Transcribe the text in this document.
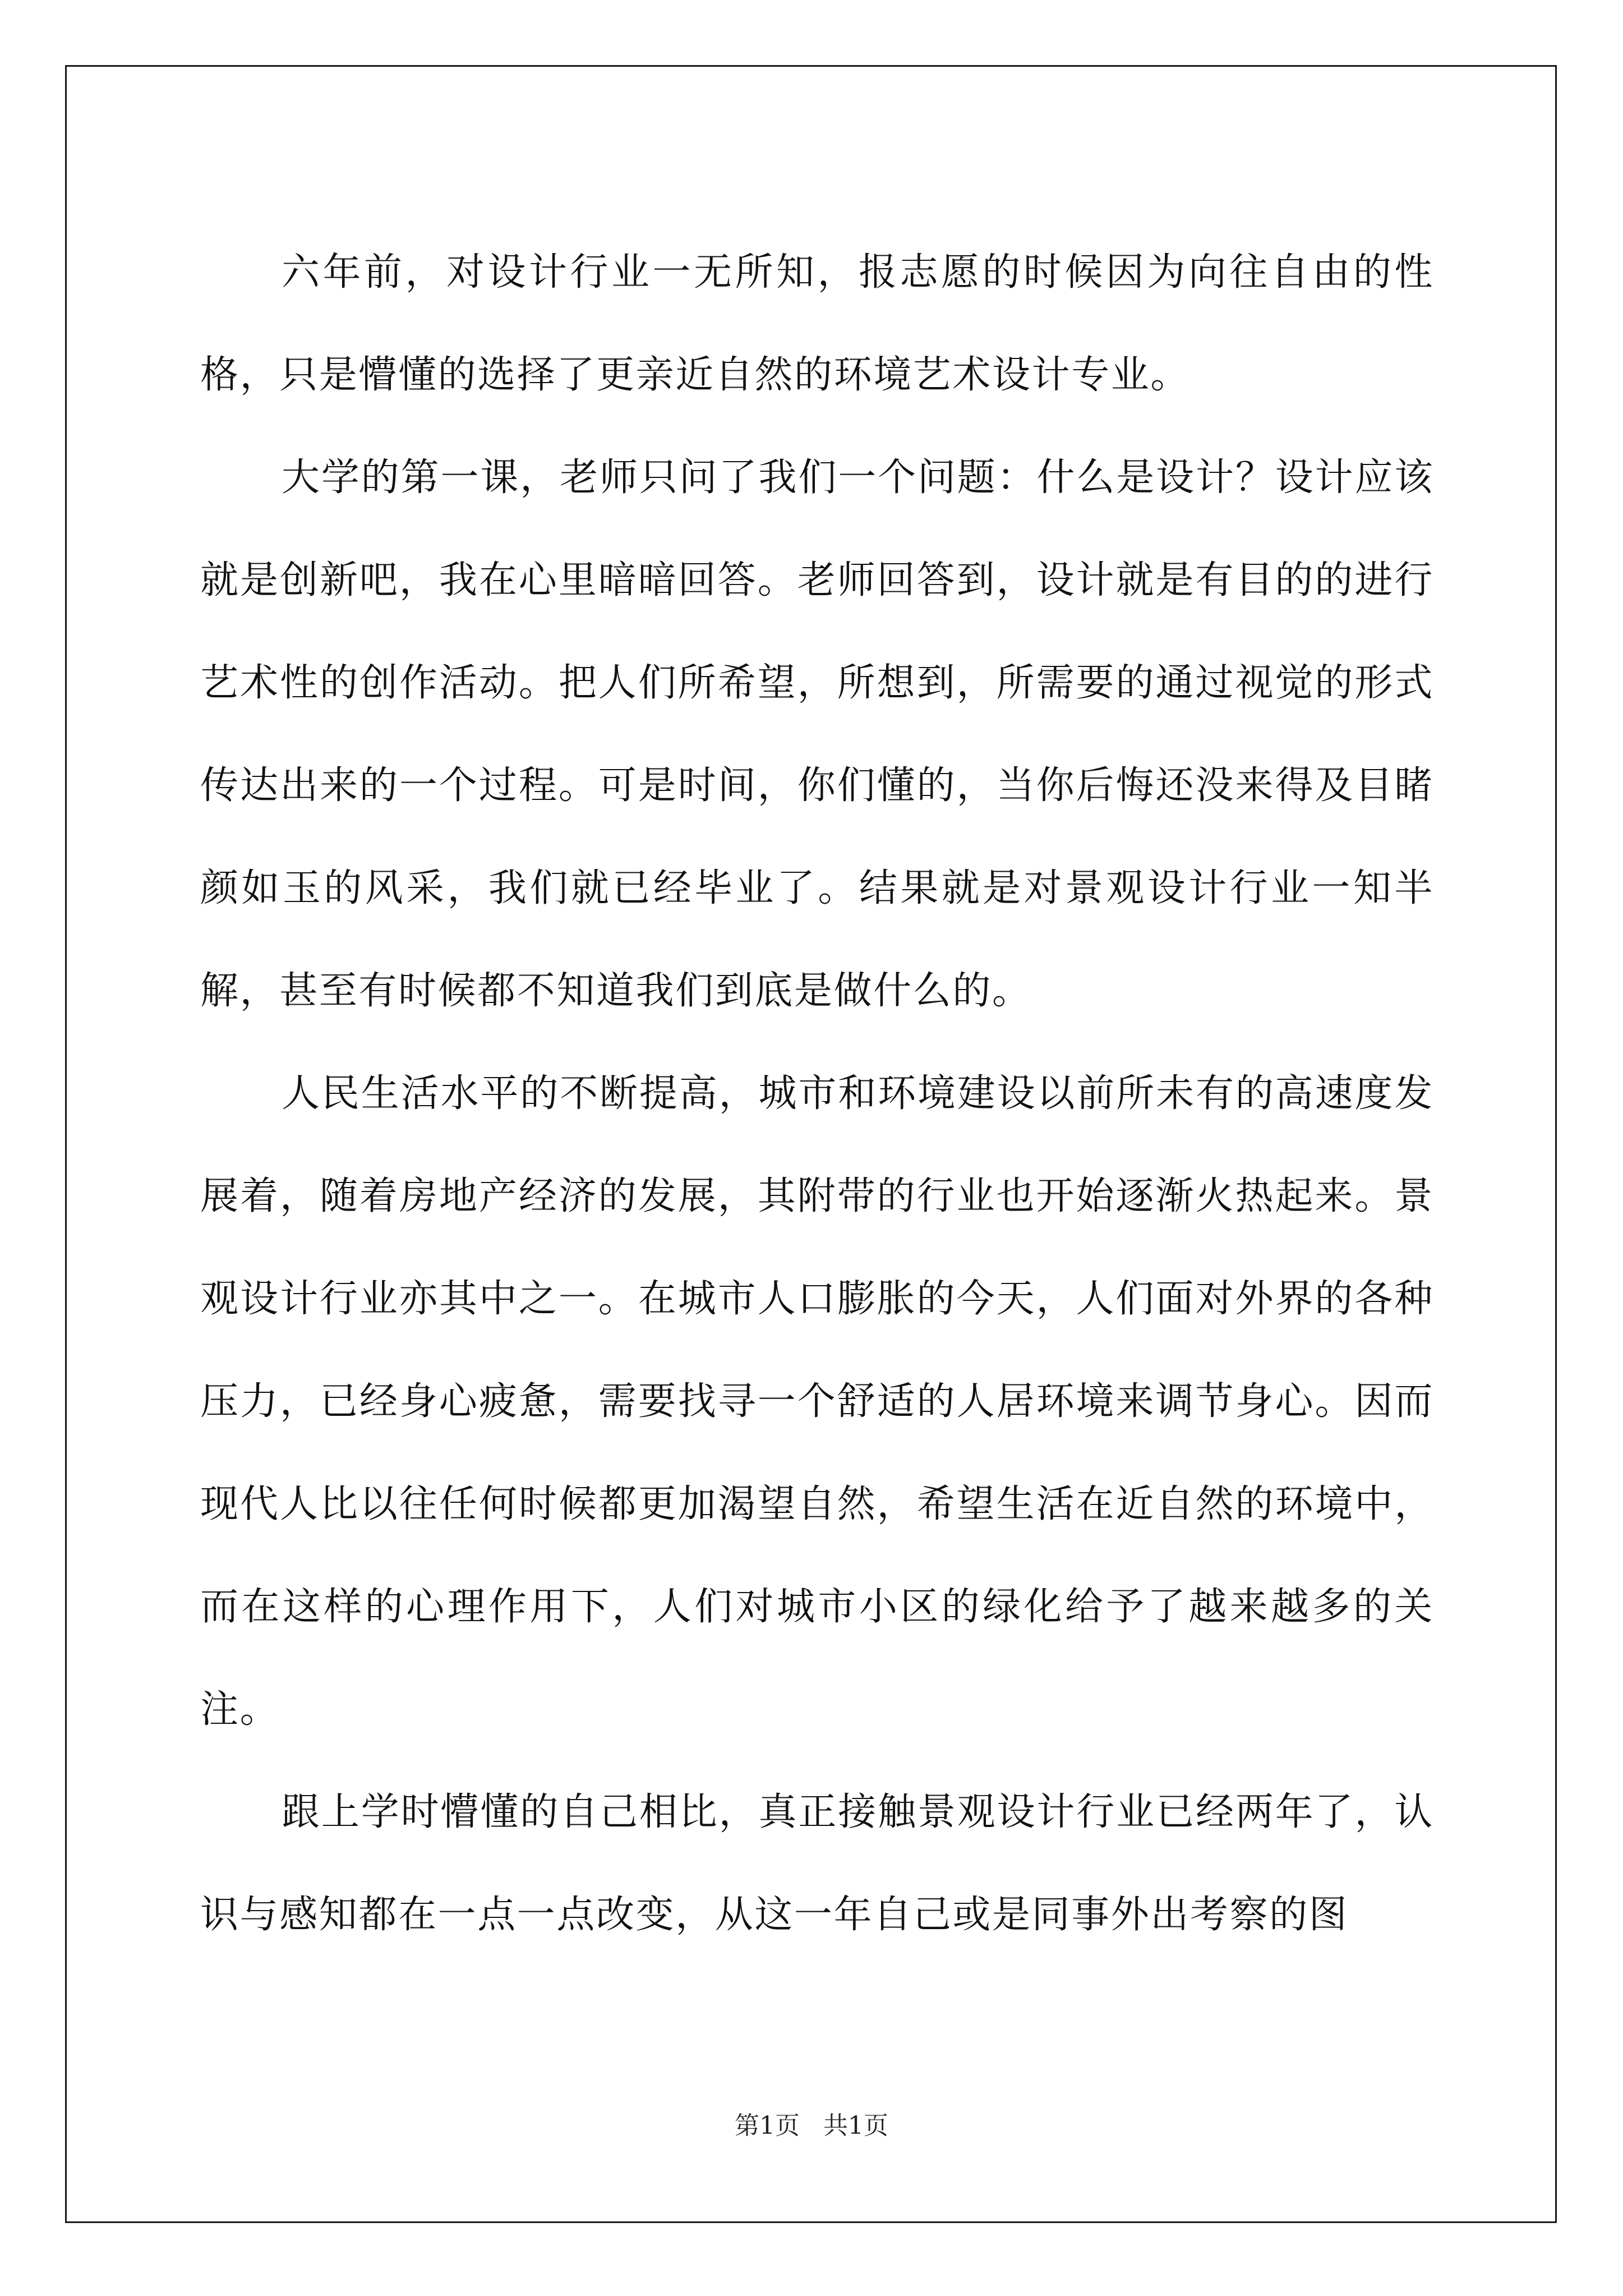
六年前，对设计行业一无所知，报志愿的时候因为向往自由的性格，只是懵懂的选择了更亲近自然的环境艺术设计专业。

大学的第一课，老师只问了我们一个问题：什么是设计？设计应该就是创新吧，我在心里暗暗回答。老师回答到，设计就是有目的的进行艺术性的创作活动。把人们所希望，所想到，所需要的通过视觉的形式传达出来的一个过程。可是时间，你们懂的，当你后悔还没来得及目睹颜如玉的风采，我们就已经毕业了。结果就是对景观设计行业一知半解，甚至有时候都不知道我们到底是做什么的。

人民生活水平的不断提高，城市和环境建设以前所未有的高速度发展着，随着房地产经济的发展，其附带的行业也开始逐渐火热起来。景观设计行业亦其中之一。在城市人口膨胀的今天，人们面对外界的各种压力，已经身心疲惫，需要找寻一个舒适的人居环境来调节身心。因而现代人比以往任何时候都更加渴望自然，希望生活在近自然的环境中，而在这样的心理作用下，人们对城市小区的绿化给予了越来越多的关注。

跟上学时懵懂的自己相比，真正接触景观设计行业已经两年了，认识与感知都在一点一点改变，从这一年自己或是同事外出考察的图

第1页   共1页
